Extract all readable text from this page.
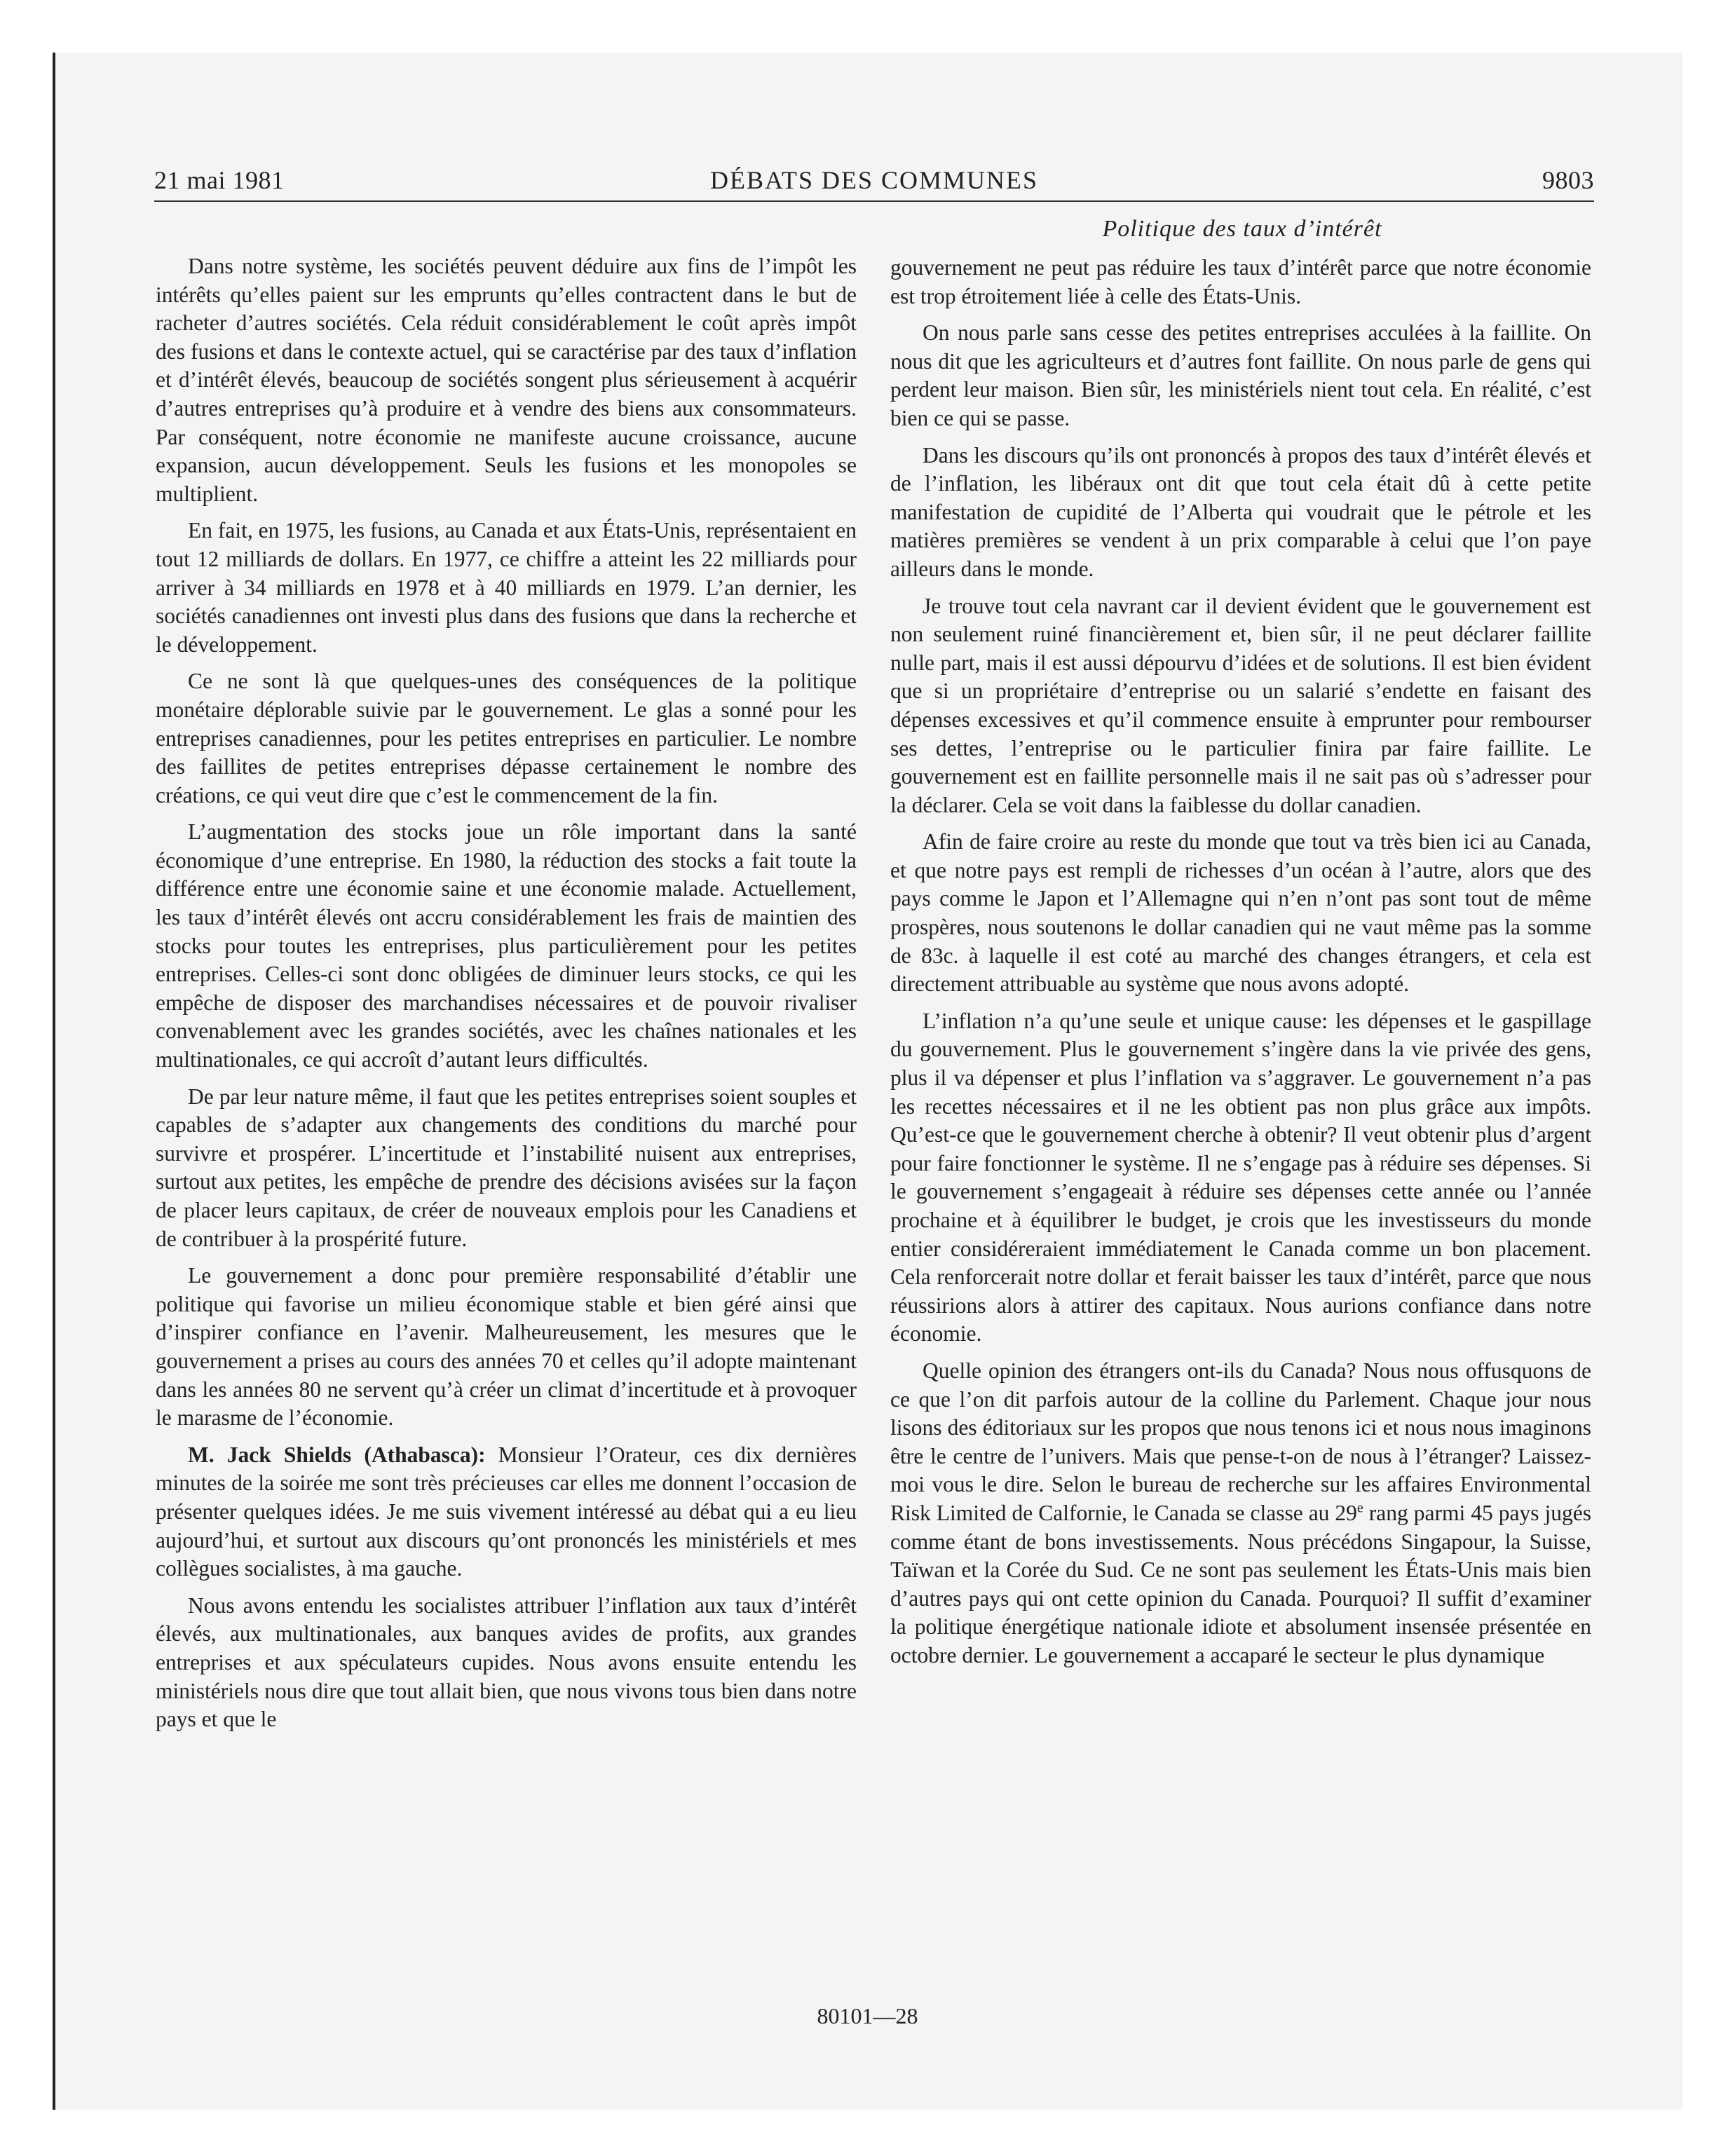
21 mai 1981	DÉBATS DES COMMUNES	9803
Politique des taux d’intérêt

Dans notre système, les sociétés peuvent déduire aux fins de l’impôt les intérêts qu’elles paient sur les emprunts qu’elles contractent dans le but de racheter d’autres sociétés. Cela réduit considérablement le coût après impôt des fusions et dans le contexte actuel, qui se caractérise par des taux d’inflation et d’intérêt élevés, beaucoup de sociétés songent plus sérieusement à acquérir d’autres entreprises qu’à produire et à vendre des biens aux consommateurs. Par conséquent, notre économie ne manifeste aucune croissance, aucune expansion, aucun développement. Seuls les fusions et les monopoles se multiplient.

En fait, en 1975, les fusions, au Canada et aux États-Unis, représentaient en tout 12 milliards de dollars. En 1977, ce chiffre a atteint les 22 milliards pour arriver à 34 milliards en 1978 et à 40 milliards en 1979. L’an dernier, les sociétés canadiennes ont investi plus dans des fusions que dans la recherche et le développement.

Ce ne sont là que quelques-unes des conséquences de la politique monétaire déplorable suivie par le gouvernement. Le glas a sonné pour les entreprises canadiennes, pour les petites entreprises en particulier. Le nombre des faillites de petites entreprises dépasse certainement le nombre des créations, ce qui veut dire que c’est le commencement de la fin.

L’augmentation des stocks joue un rôle important dans la santé économique d’une entreprise. En 1980, la réduction des stocks a fait toute la différence entre une économie saine et une économie malade. Actuellement, les taux d’intérêt élevés ont accru considérablement les frais de maintien des stocks pour toutes les entreprises, plus particulièrement pour les petites entreprises. Celles-ci sont donc obligées de diminuer leurs stocks, ce qui les empêche de disposer des marchandises nécessaires et de pouvoir rivaliser convenablement avec les grandes sociétés, avec les chaînes nationales et les multinationales, ce qui accroît d’autant leurs difficultés.

De par leur nature même, il faut que les petites entreprises soient souples et capables de s’adapter aux changements des conditions du marché pour survivre et prospérer. L’incertitude et l’instabilité nuisent aux entreprises, surtout aux petites, les empêche de prendre des décisions avisées sur la façon de placer leurs capitaux, de créer de nouveaux emplois pour les Canadiens et de contribuer à la prospérité future.

Le gouvernement a donc pour première responsabilité d’établir une politique qui favorise un milieu économique stable et bien géré ainsi que d’inspirer confiance en l’avenir. Malheureusement, les mesures que le gouvernement a prises au cours des années 70 et celles qu’il adopte maintenant dans les années 80 ne servent qu’à créer un climat d’incertitude et à provoquer le marasme de l’économie.

M. Jack Shields (Athabasca): Monsieur l’Orateur, ces dix dernières minutes de la soirée me sont très précieuses car elles me donnent l’occasion de présenter quelques idées. Je me suis vivement intéressé au débat qui a eu lieu aujourd’hui, et surtout aux discours qu’ont prononcés les ministériels et mes collègues socialistes, à ma gauche.

Nous avons entendu les socialistes attribuer l’inflation aux taux d’intérêt élevés, aux multinationales, aux banques avides de profits, aux grandes entreprises et aux spéculateurs cupides. Nous avons ensuite entendu les ministériels nous dire que tout allait bien, que nous vivons tous bien dans notre pays et que le

gouvernement ne peut pas réduire les taux d’intérêt parce que notre économie est trop étroitement liée à celle des États-Unis.

On nous parle sans cesse des petites entreprises acculées à la faillite. On nous dit que les agriculteurs et d’autres font faillite. On nous parle de gens qui perdent leur maison. Bien sûr, les ministériels nient tout cela. En réalité, c’est bien ce qui se passe.

Dans les discours qu’ils ont prononcés à propos des taux d’intérêt élevés et de l’inflation, les libéraux ont dit que tout cela était dû à cette petite manifestation de cupidité de l’Alberta qui voudrait que le pétrole et les matières premières se vendent à un prix comparable à celui que l’on paye ailleurs dans le monde.

Je trouve tout cela navrant car il devient évident que le gouvernement est non seulement ruiné financièrement et, bien sûr, il ne peut déclarer faillite nulle part, mais il est aussi dépourvu d’idées et de solutions. Il est bien évident que si un propriétaire d’entreprise ou un salarié s’endette en faisant des dépenses excessives et qu’il commence ensuite à emprunter pour rembourser ses dettes, l’entreprise ou le particulier finira par faire faillite. Le gouvernement est en faillite personnelle mais il ne sait pas où s’adresser pour la déclarer. Cela se voit dans la faiblesse du dollar canadien.

Afin de faire croire au reste du monde que tout va très bien ici au Canada, et que notre pays est rempli de richesses d’un océan à l’autre, alors que des pays comme le Japon et l’Allemagne qui n’en n’ont pas sont tout de même prospères, nous soutenons le dollar canadien qui ne vaut même pas la somme de 83c. à laquelle il est coté au marché des changes étrangers, et cela est directement attribuable au système que nous avons adopté.

L’inflation n’a qu’une seule et unique cause: les dépenses et le gaspillage du gouvernement. Plus le gouvernement s’ingère dans la vie privée des gens, plus il va dépenser et plus l’inflation va s’aggraver. Le gouvernement n’a pas les recettes nécessaires et il ne les obtient pas non plus grâce aux impôts. Qu’est-ce que le gouvernement cherche à obtenir? Il veut obtenir plus d’argent pour faire fonctionner le système. Il ne s’engage pas à réduire ses dépenses. Si le gouvernement s’engageait à réduire ses dépenses cette année ou l’année prochaine et à équilibrer le budget, je crois que les investisseurs du monde entier considéreraient immédiatement le Canada comme un bon placement. Cela renforcerait notre dollar et ferait baisser les taux d’intérêt, parce que nous réussirions alors à attirer des capitaux. Nous aurions confiance dans notre économie.

Quelle opinion des étrangers ont-ils du Canada? Nous nous offusquons de ce que l’on dit parfois autour de la colline du Parlement. Chaque jour nous lisons des éditoriaux sur les propos que nous tenons ici et nous nous imaginons être le centre de l’univers. Mais que pense-t-on de nous à l’étranger? Laissez-moi vous le dire. Selon le bureau de recherche sur les affaires Environmental Risk Limited de Calfornie, le Canada se classe au 29e rang parmi 45 pays jugés comme étant de bons investissements. Nous précédons Singapour, la Suisse, Taïwan et la Corée du Sud. Ce ne sont pas seulement les États-Unis mais bien d’autres pays qui ont cette opinion du Canada. Pourquoi? Il suffit d’examiner la politique énergétique nationale idiote et absolument insensée présentée en octobre dernier. Le gouvernement a accaparé le secteur le plus dynamique

80101—28
